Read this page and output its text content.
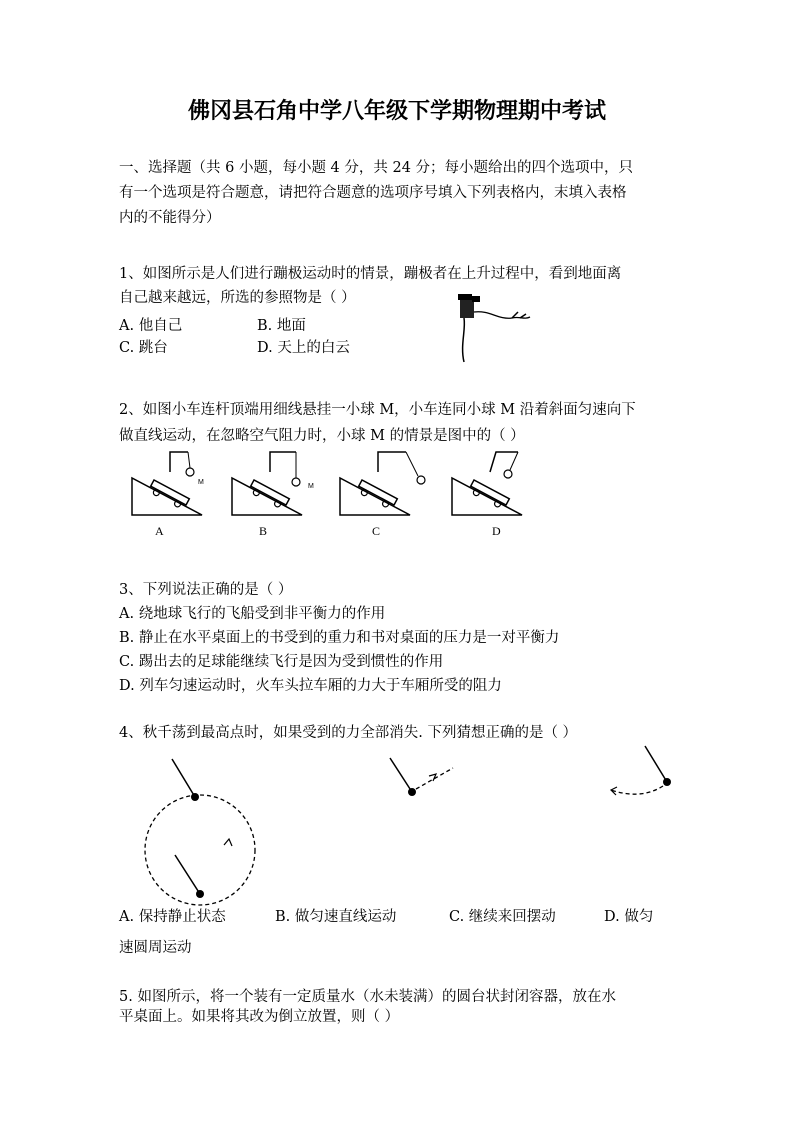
佛冈县石角中学八年级下学期物理期中考试
一、选择题（共 6 小题，每小题 4 分，共 24 分；每小题给出的四个选项中，只
有一个选项是符合题意，请把符合题意的选项序号填入下列表格内，末填入表格
内的不能得分）
1、如图所示是人们进行蹦极运动时的情景，蹦极者在上升过程中，看到地面离
自己越来越远，所选的参照物是（ ）
A. 他自己	B. 地面
C. 跳台	D. 天上的白云
2、如图小车连杆顶端用细线悬挂一小球 M，小车连同小球 M 沿着斜面匀速向下
做直线运动，在忽略空气阻力时，小球 M 的情景是图中的（ ）
M
A
M
B	C	D
3、下列说法正确的是（ ）
A. 绕地球飞行的飞船受到非平衡力的作用
B. 静止在水平桌面上的书受到的重力和书对桌面的压力是一对平衡力
C. 踢出去的足球能继续飞行是因为受到惯性的作用
D. 列车匀速运动时，火车头拉车厢的力大于车厢所受的阻力
4、秋千荡到最高点时，如果受到的力全部消失. 下列猜想正确的是（ ）
A. 保持静止状态	B. 做匀速直线运动	C. 继续来回摆动	D. 做匀
速圆周运动
5. 如图所示，将一个装有一定质量水（水未装满）的圆台状封闭容器，放在水
平桌面上。如果将其改为倒立放置，则（ ）
